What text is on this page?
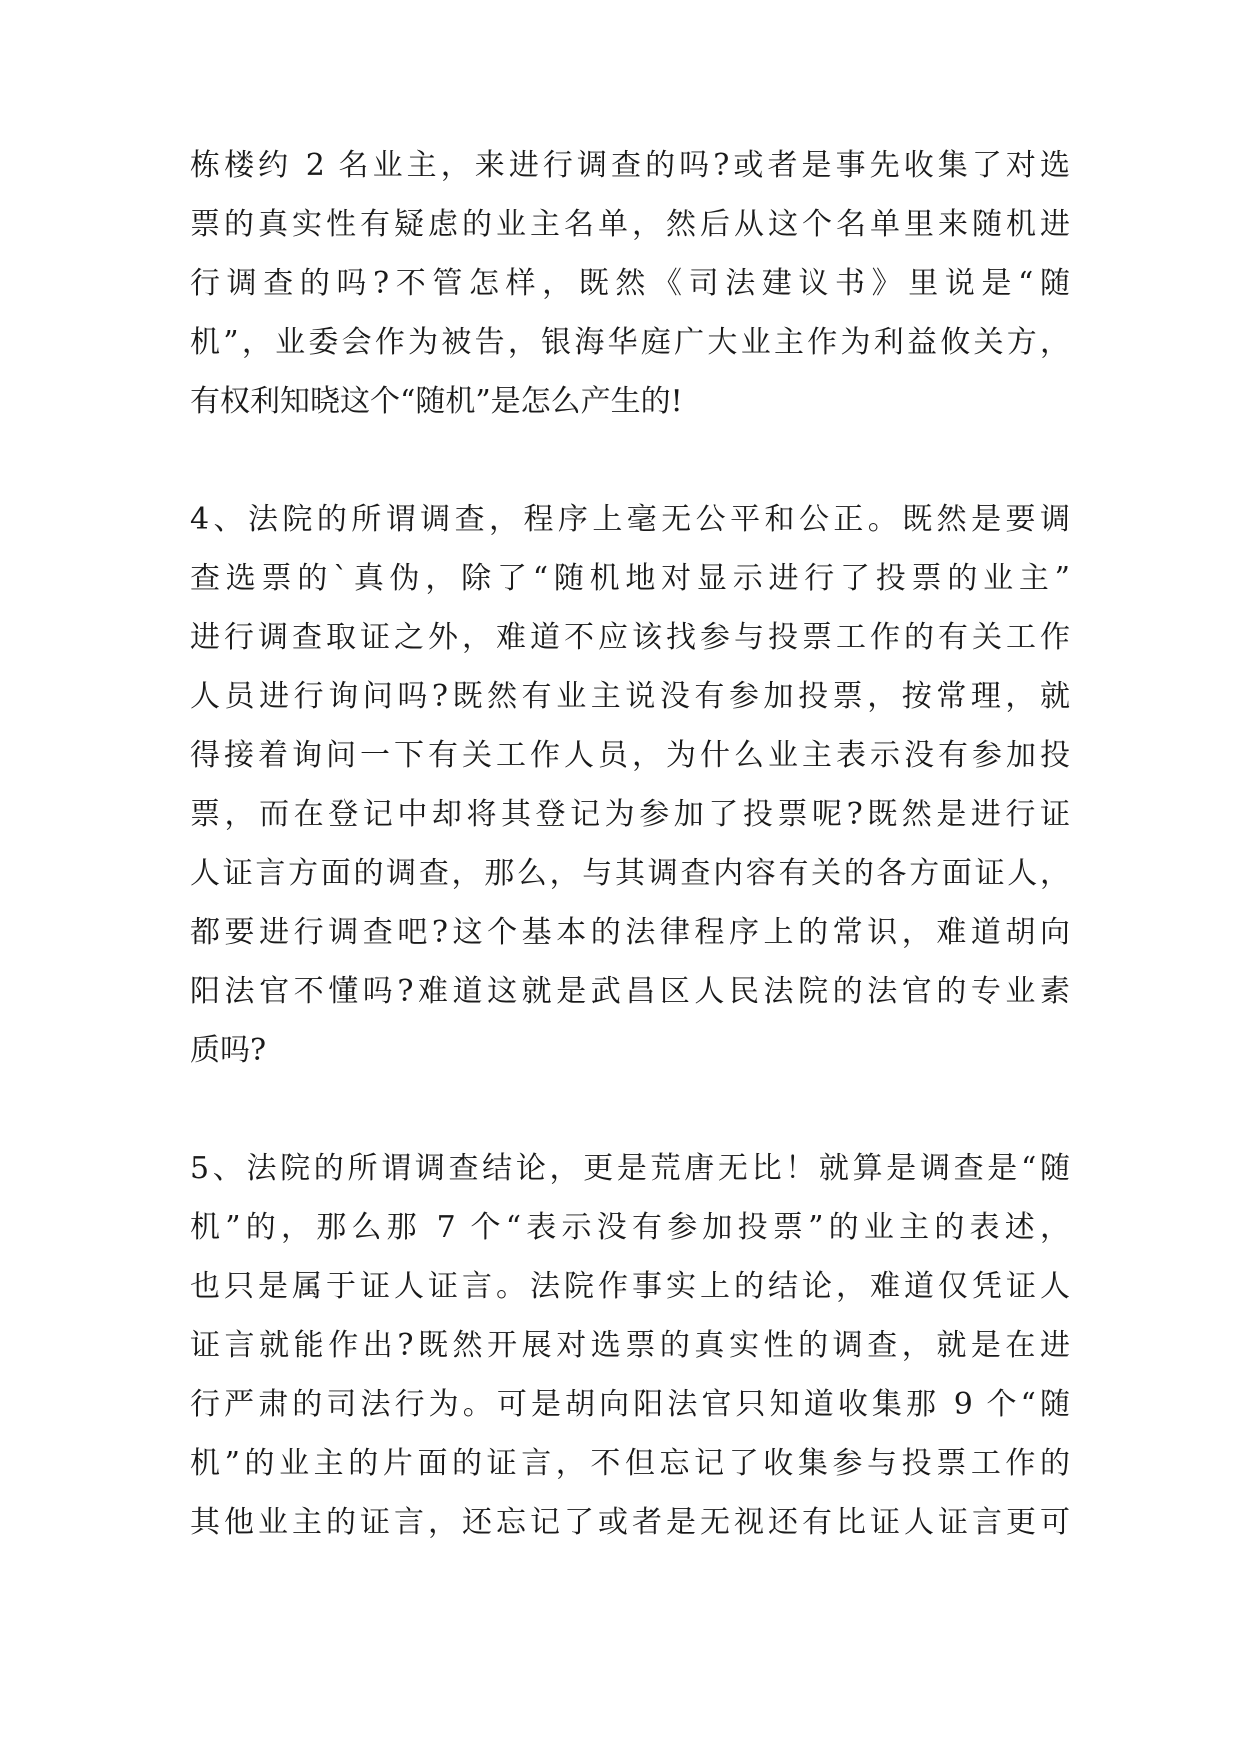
栋楼约 2 名业主，来进行调查的吗?或者是事先收集了对选
票的真实性有疑虑的业主名单，然后从这个名单里来随机进
行调查的吗?不管怎样，既然《司法建议书》里说是“随
机”，业委会作为被告，银海华庭广大业主作为利益攸关方，
有权利知晓这个“随机”是怎么产生的!
4、法院的所谓调查，程序上毫无公平和公正。既然是要调
查选票的`真伪，除了“随机地对显示进行了投票的业主”
进行调查取证之外，难道不应该找参与投票工作的有关工作
人员进行询问吗?既然有业主说没有参加投票，按常理，就
得接着询问一下有关工作人员，为什么业主表示没有参加投
票，而在登记中却将其登记为参加了投票呢?既然是进行证
人证言方面的调查，那么，与其调查内容有关的各方面证人，
都要进行调查吧?这个基本的法律程序上的常识，难道胡向
阳法官不懂吗?难道这就是武昌区人民法院的法官的专业素
质吗?
5、法院的所谓调查结论，更是荒唐无比！就算是调查是“随
机”的，那么那 7 个“表示没有参加投票”的业主的表述，
也只是属于证人证言。法院作事实上的结论，难道仅凭证人
证言就能作出?既然开展对选票的真实性的调查，就是在进
行严肃的司法行为。可是胡向阳法官只知道收集那 9 个“随
机”的业主的片面的证言，不但忘记了收集参与投票工作的
其他业主的证言，还忘记了或者是无视还有比证人证言更可
